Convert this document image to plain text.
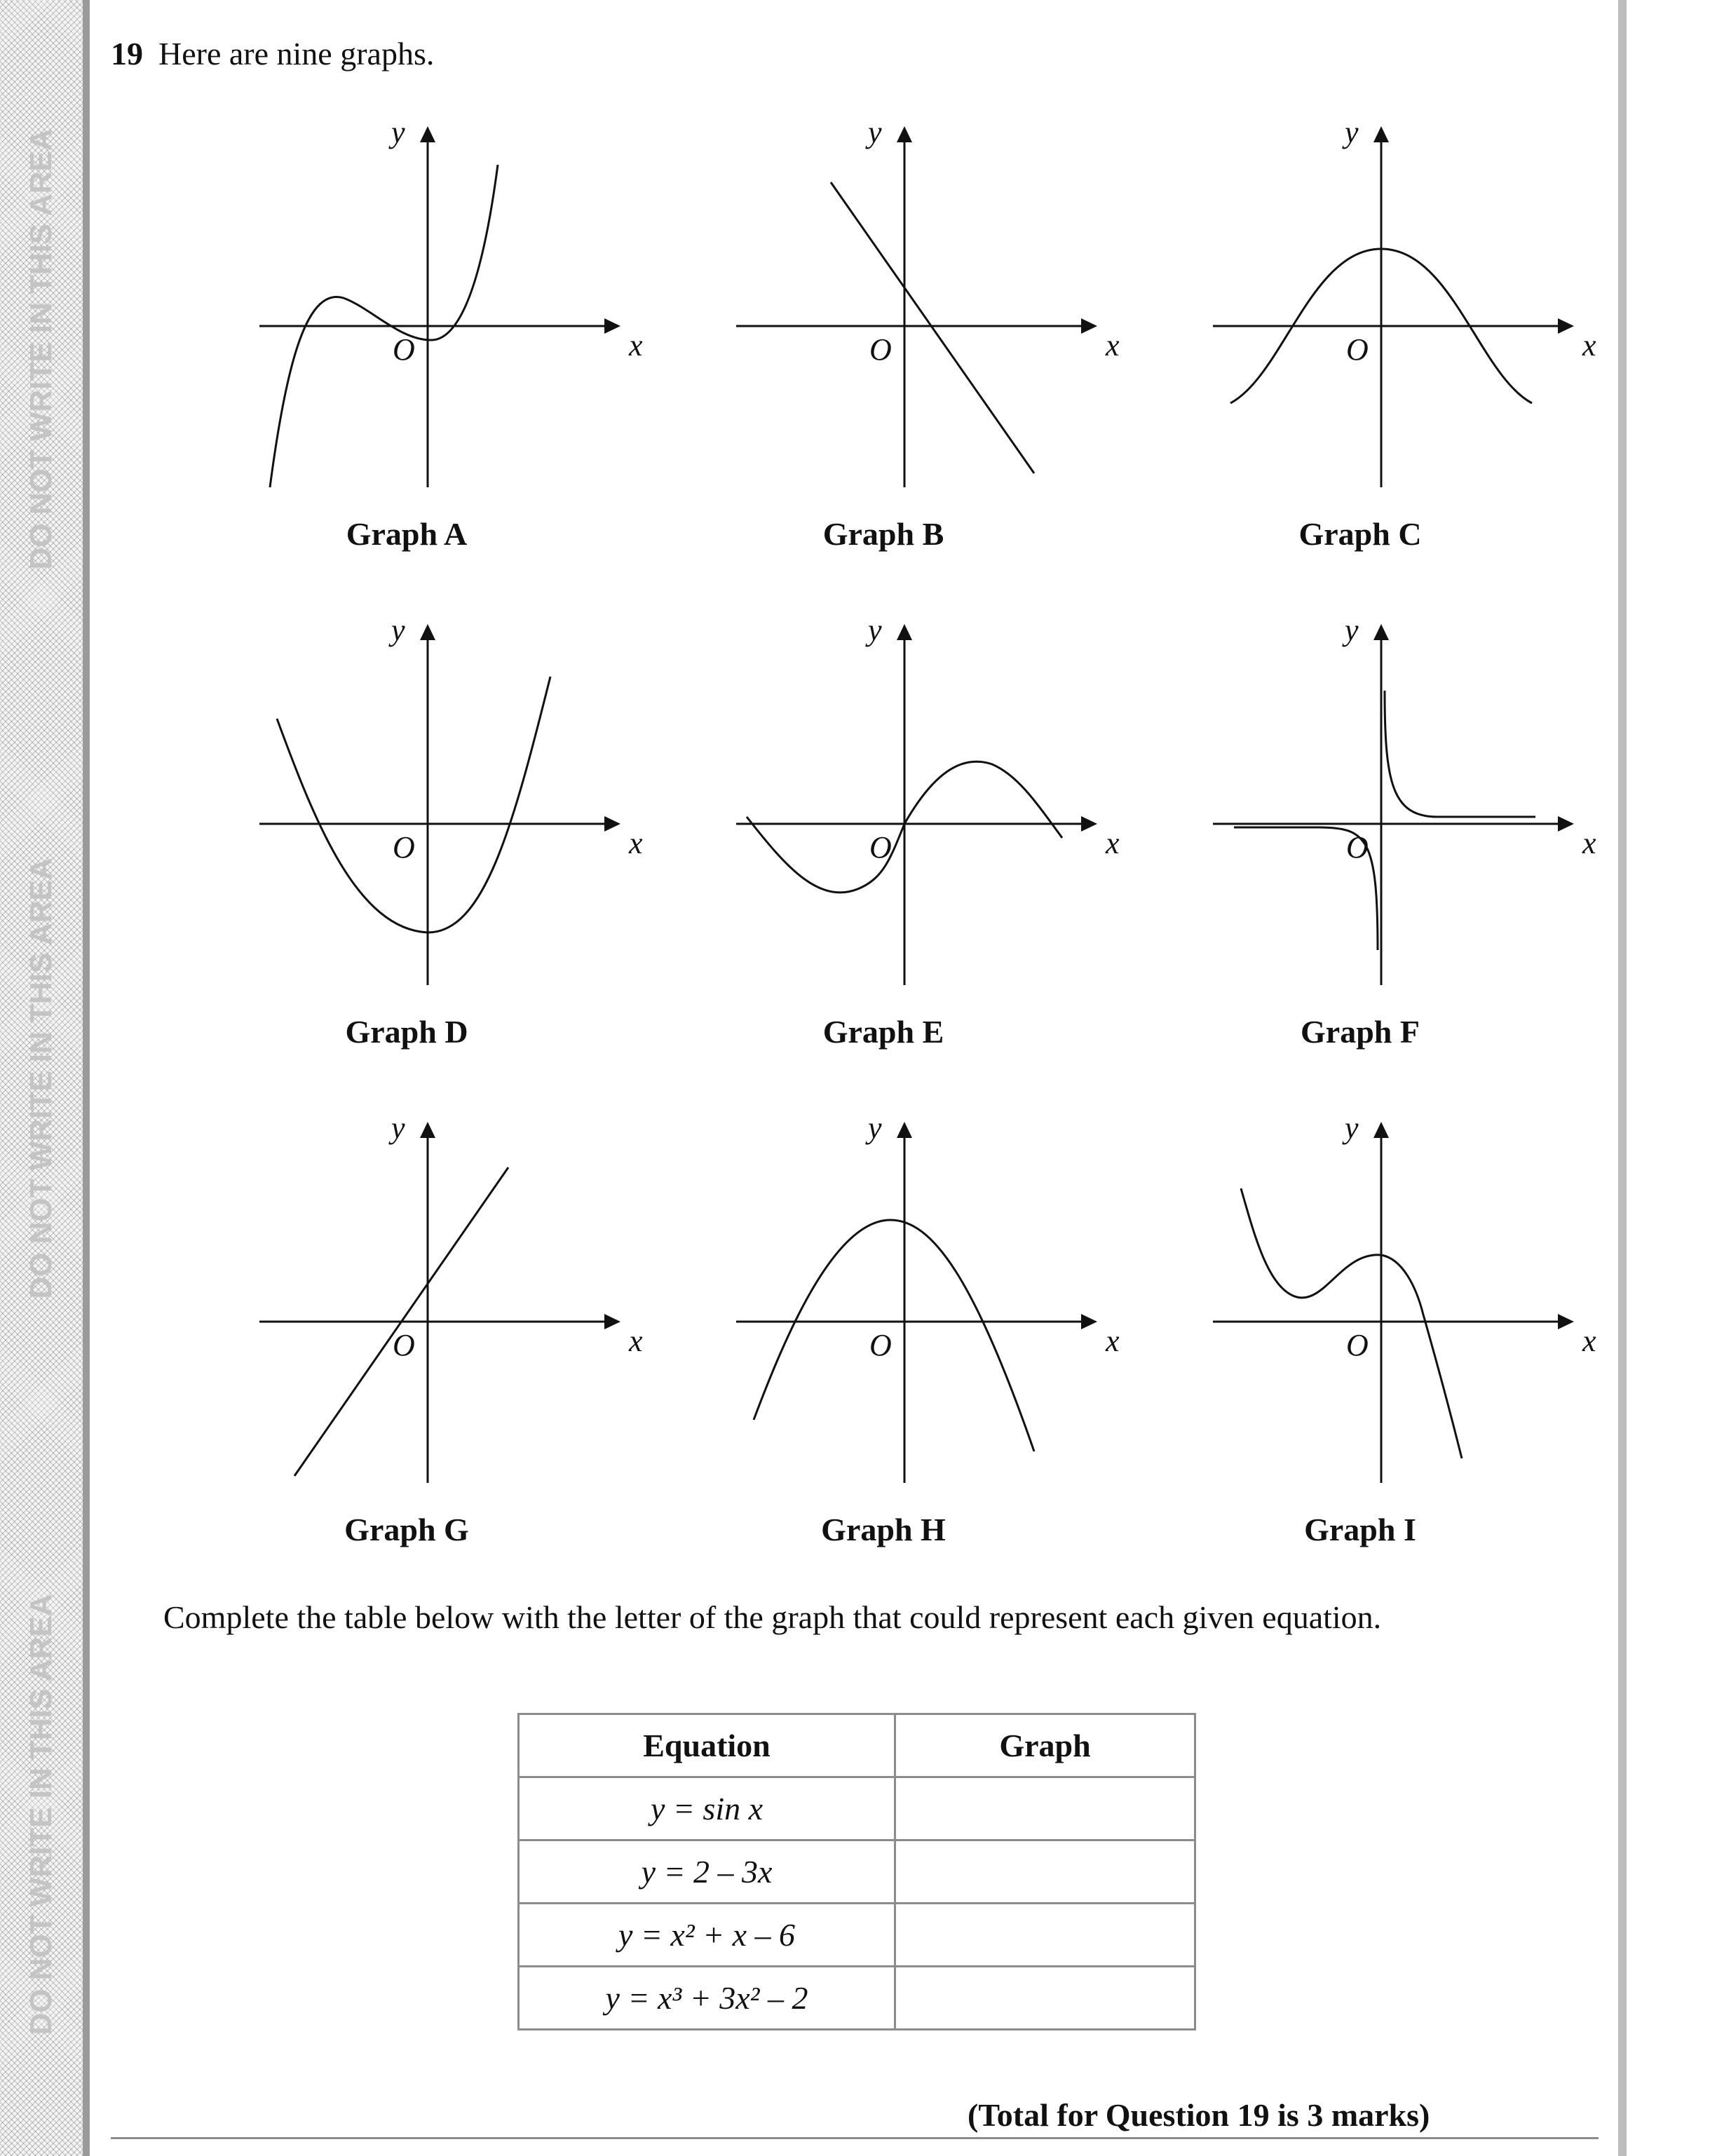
DO NOT WRITE IN THIS AREA
DO NOT WRITE IN THIS AREA
DO NOT WRITE IN THIS AREA
19 Here are nine graphs.
x
y
O
Graph A
x
y
O
Graph B
x
y
O
Graph C
x
y
O
Graph D
x
y
O
Graph E
x
y
O
Graph F
x
y
O
Graph G
x
y
O
Graph H
x
y
O
Graph I
Complete the table below with the letter of the graph that could represent each given equation.
Equation	Graph
y = sin x	
y = 2 – 3x	
y = x² + x – 6	
y = x³ + 3x² – 2	
(Total for Question 19 is 3 marks)
